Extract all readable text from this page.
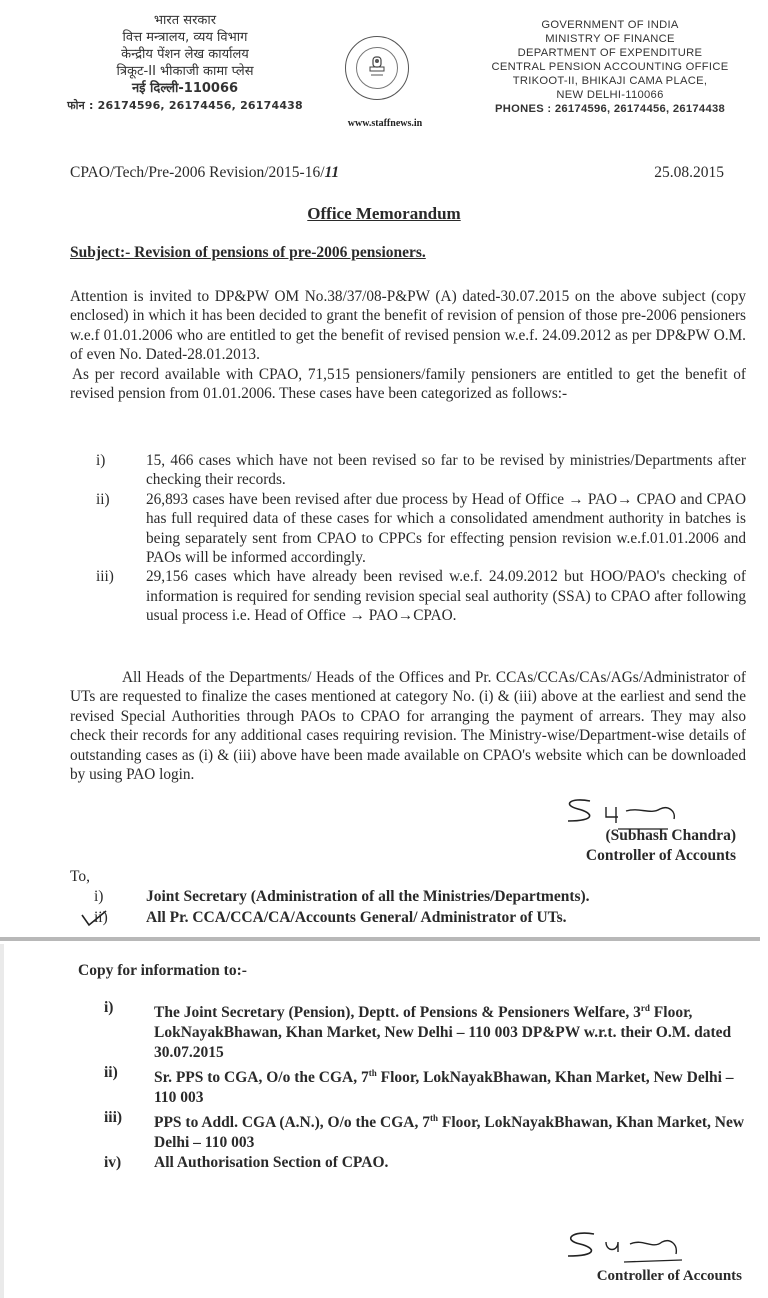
भारत सरकार
वित्त मन्त्रालय, व्यय विभाग
केन्द्रीय पेंशन लेख कार्यालय
त्रिकूट-II भीकाजी कामा प्लेस
नई दिल्ली-110066
फोन : 26174596, 26174456, 26174438
www.staffnews.in
GOVERNMENT OF INDIA
MINISTRY OF FINANCE
DEPARTMENT OF EXPENDITURE
CENTRAL PENSION ACCOUNTING OFFICE
TRIKOOT-II, BHIKAJI CAMA PLACE,
NEW DELHI-110066
PHONES : 26174596, 26174456, 26174438
CPAO/Tech/Pre-2006 Revision/2015-16/11	25.08.2015
Office Memorandum
Subject:- Revision of pensions of pre-2006 pensioners.
Attention is invited to DP&PW OM No.38/37/08-P&PW (A) dated-30.07.2015 on the above subject (copy enclosed) in which it has been decided to grant the benefit of revision of pension of those pre-2006 pensioners w.e.f 01.01.2006 who are entitled to get the benefit of revised pension w.e.f. 24.09.2012 as per DP&PW O.M. of even No. Dated-28.01.2013.
As per record available with CPAO, 71,515 pensioners/family pensioners are entitled to get the benefit of revised pension from 01.01.2006. These cases have been categorized as follows:-
i)	15, 466 cases which have not been revised so far to be revised by ministries/Departments after checking their records.
ii)	26,893 cases have been revised after due process by Head of Office → PAO→ CPAO and CPAO has full required data of these cases for which a consolidated amendment authority in batches is being separately sent from CPAO to CPPCs for effecting pension revision w.e.f.01.01.2006 and PAOs will be informed accordingly.
iii)	29,156 cases which have already been revised w.e.f. 24.09.2012 but HOO/PAO's checking of information is required for sending revision special seal authority (SSA) to CPAO after following usual process i.e. Head of Office → PAO→CPAO.
All Heads of the Departments/ Heads of the Offices and Pr. CCAs/CCAs/CAs/AGs/Administrator of UTs are requested to finalize the cases mentioned at category No. (i) & (iii) above at the earliest and send the revised Special Authorities through PAOs to CPAO for arranging the payment of arrears. They may also check their records for any additional cases requiring revision. The Ministry-wise/Department-wise details of outstanding cases as (i) & (iii) above have been made available on CPAO's website which can be downloaded by using PAO login.
(Subhash Chandra)
Controller of Accounts
To,
i)	Joint Secretary (Administration of all the Ministries/Departments).
ii)	All Pr. CCA/CCA/CA/Accounts General/ Administrator of UTs.
Copy for information to:-
i)	The Joint Secretary (Pension), Deptt. of Pensions & Pensioners Welfare, 3rd Floor, LokNayakBhawan, Khan Market, New Delhi – 110 003 DP&PW w.r.t. their O.M. dated 30.07.2015
ii)	Sr. PPS to CGA, O/o the CGA, 7th Floor, LokNayakBhawan, Khan Market, New Delhi – 110 003
iii)	PPS to Addl. CGA (A.N.), O/o the CGA, 7th Floor, LokNayakBhawan, Khan Market, New Delhi – 110 003
iv)	All Authorisation Section of CPAO.
Controller of Accounts
